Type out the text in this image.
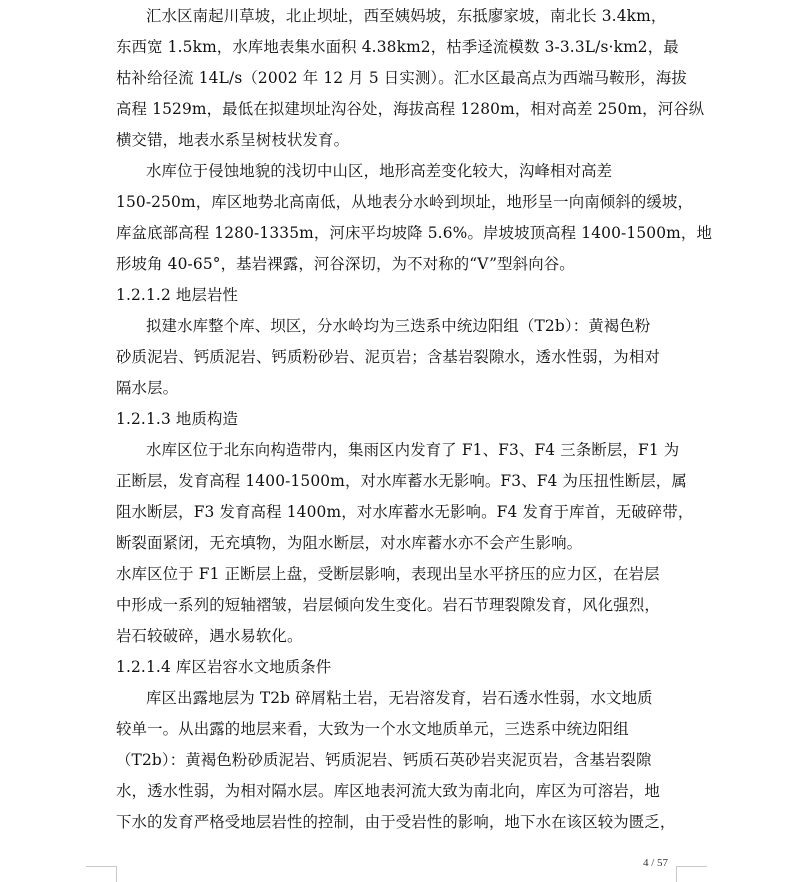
汇水区南起川草坡，北止坝址，西至姨妈坡，东抵廖家坡，南北长 3.4km，
东西宽 1.5km，水库地表集水面积 4.38km2，枯季迳流模数 3-3.3L/s·km2，最
枯补给径流 14L/s（2002 年 12 月 5 日实测）。汇水区最高点为西端马鞍形，海拔
高程 1529m，最低在拟建坝址沟谷处，海拔高程 1280m，相对高差 250m，河谷纵
横交错，地表水系呈树枝状发育。
水库位于侵蚀地貌的浅切中山区，地形高差变化较大，沟峰相对高差
150-250m，库区地势北高南低，从地表分水岭到坝址，地形呈一向南倾斜的缓坡，
库盆底部高程 1280-1335m，河床平均坡降 5.6%。岸坡坡顶高程 1400-1500m，地
形坡角 40-65°，基岩裸露，河谷深切，为不对称的“V”型斜向谷。
1.2.1.2 地层岩性
拟建水库整个库、坝区，分水岭均为三迭系中统边阳组（T2b）：黄褐色粉
砂质泥岩、钙质泥岩、钙质粉砂岩、泥页岩；含基岩裂隙水，透水性弱，为相对
隔水层。
1.2.1.3 地质构造
水库区位于北东向构造带内，集雨区内发育了 F1、F3、F4 三条断层，F1 为
正断层，发育高程 1400-1500m，对水库蓄水无影响。F3、F4 为压扭性断层，属
阻水断层，F3 发育高程 1400m，对水库蓄水无影响。F4 发育于库首，无破碎带，
断裂面紧闭，无充填物，为阻水断层，对水库蓄水亦不会产生影响。
水库区位于 F1 正断层上盘，受断层影响，表现出呈水平挤压的应力区，在岩层
中形成一系列的短轴褶皱，岩层倾向发生变化。岩石节理裂隙发育，风化强烈，
岩石较破碎，遇水易软化。
1.2.1.4 库区岩容水文地质条件
库区出露地层为 T2b 碎屑粘土岩，无岩溶发育，岩石透水性弱，水文地质
较单一。从出露的地层来看，大致为一个水文地质单元，三迭系中统边阳组
（T2b）：黄褐色粉砂质泥岩、钙质泥岩、钙质石英砂岩夹泥页岩，含基岩裂隙
水，透水性弱，为相对隔水层。库区地表河流大致为南北向，库区为可溶岩，地
下水的发育严格受地层岩性的控制，由于受岩性的影响，地下水在该区较为匮乏，
4 / 57
